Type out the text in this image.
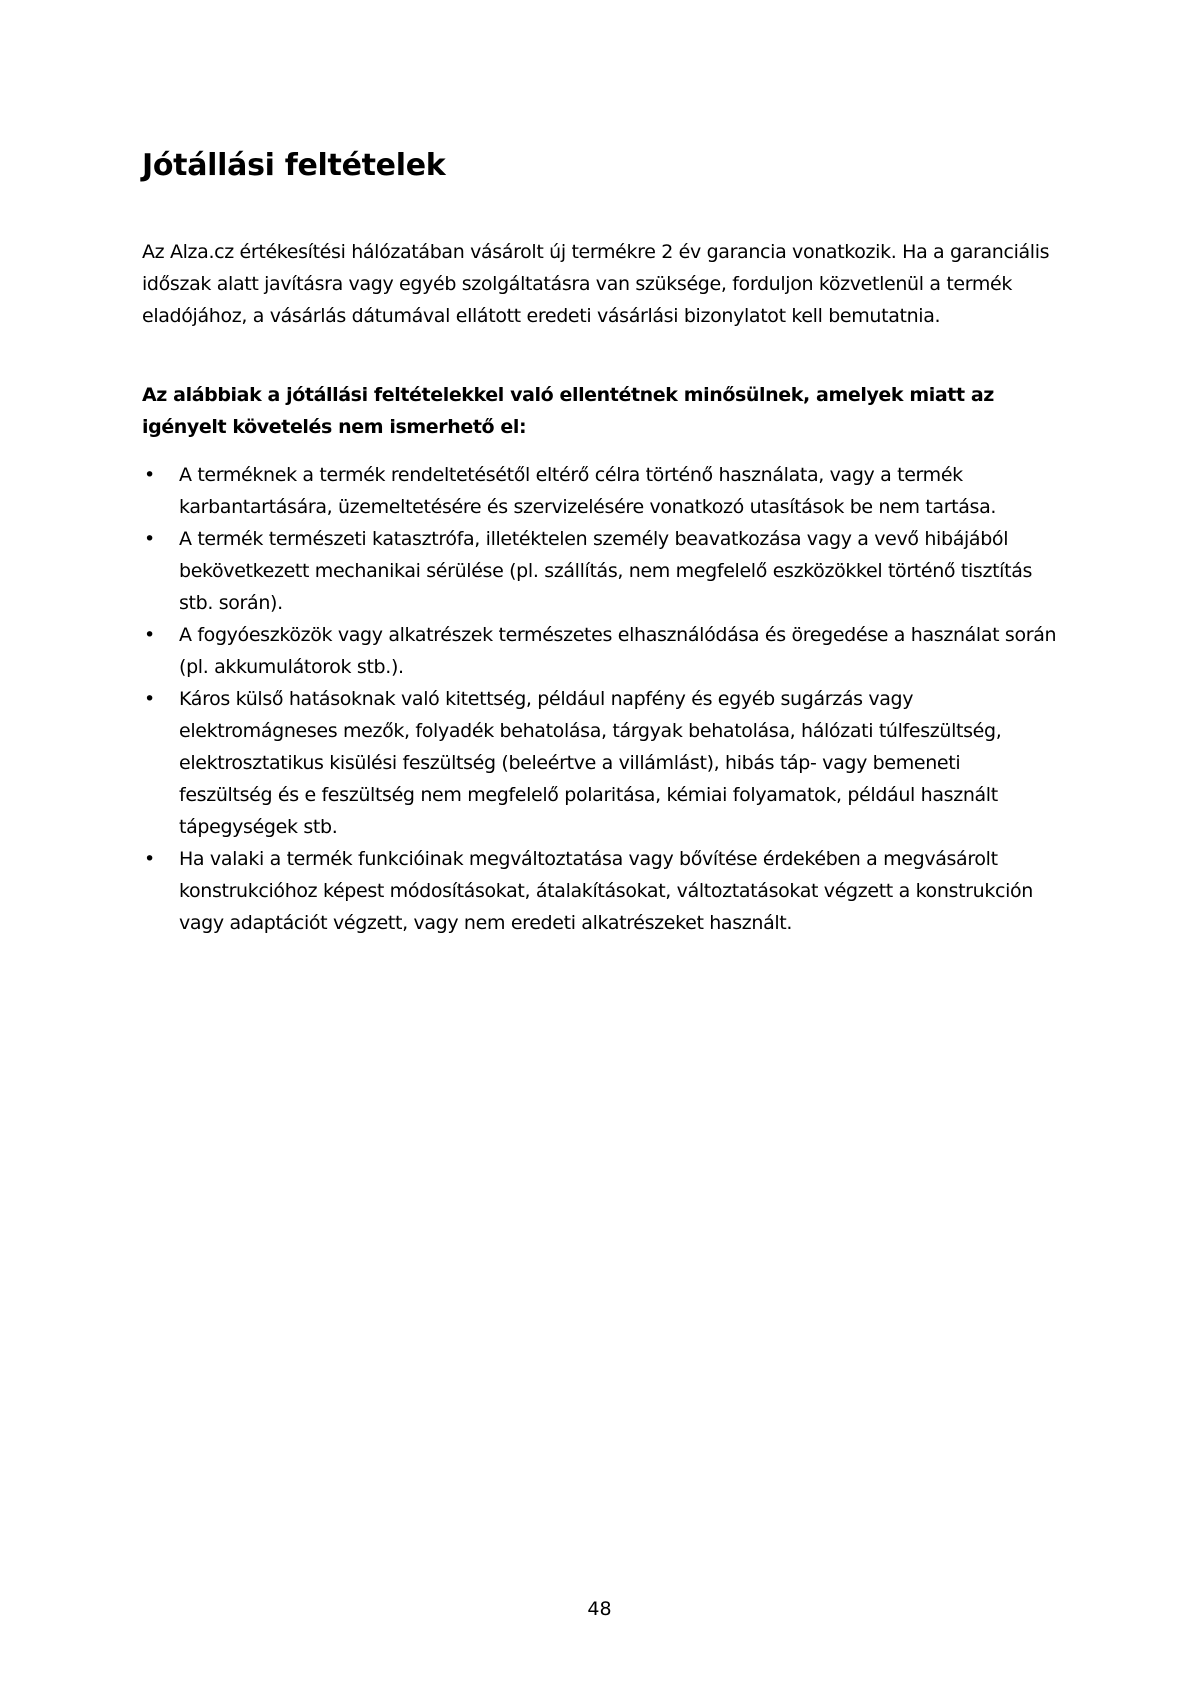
Jótállási feltételek

Az Alza.cz értékesítési hálózatában vásárolt új termékre 2 év garancia vonatkozik. Ha a garanciális időszak alatt javításra vagy egyéb szolgáltatásra van szüksége, forduljon közvetlenül a termék eladójához, a vásárlás dátumával ellátott eredeti vásárlási bizonylatot kell bemutatnia.

Az alábbiak a jótállási feltételekkel való ellentétnek minősülnek, amelyek miatt az igényelt követelés nem ismerhető el:

• A terméknek a termék rendeltetésétől eltérő célra történő használata, vagy a termék karbantartására, üzemeltetésére és szervizelésére vonatkozó utasítások be nem tartása.
• A termék természeti katasztrófa, illetéktelen személy beavatkozása vagy a vevő hibájából bekövetkezett mechanikai sérülése (pl. szállítás, nem megfelelő eszközökkel történő tisztítás stb. során).
• A fogyóeszközök vagy alkatrészek természetes elhasználódása és öregedése a használat során (pl. akkumulátorok stb.).
• Káros külső hatásoknak való kitettség, például napfény és egyéb sugárzás vagy elektromágneses mezők, folyadék behatolása, tárgyak behatolása, hálózati túlfeszültség, elektrosztatikus kisülési feszültség (beleértve a villámlást), hibás táp- vagy bemeneti feszültség és e feszültség nem megfelelő polaritása, kémiai folyamatok, például használt tápegységek stb.
• Ha valaki a termék funkcióinak megváltoztatása vagy bővítése érdekében a megvásárolt konstrukcióhoz képest módosításokat, átalakításokat, változtatásokat végzett a konstrukción vagy adaptációt végzett, vagy nem eredeti alkatrészeket használt.
48
